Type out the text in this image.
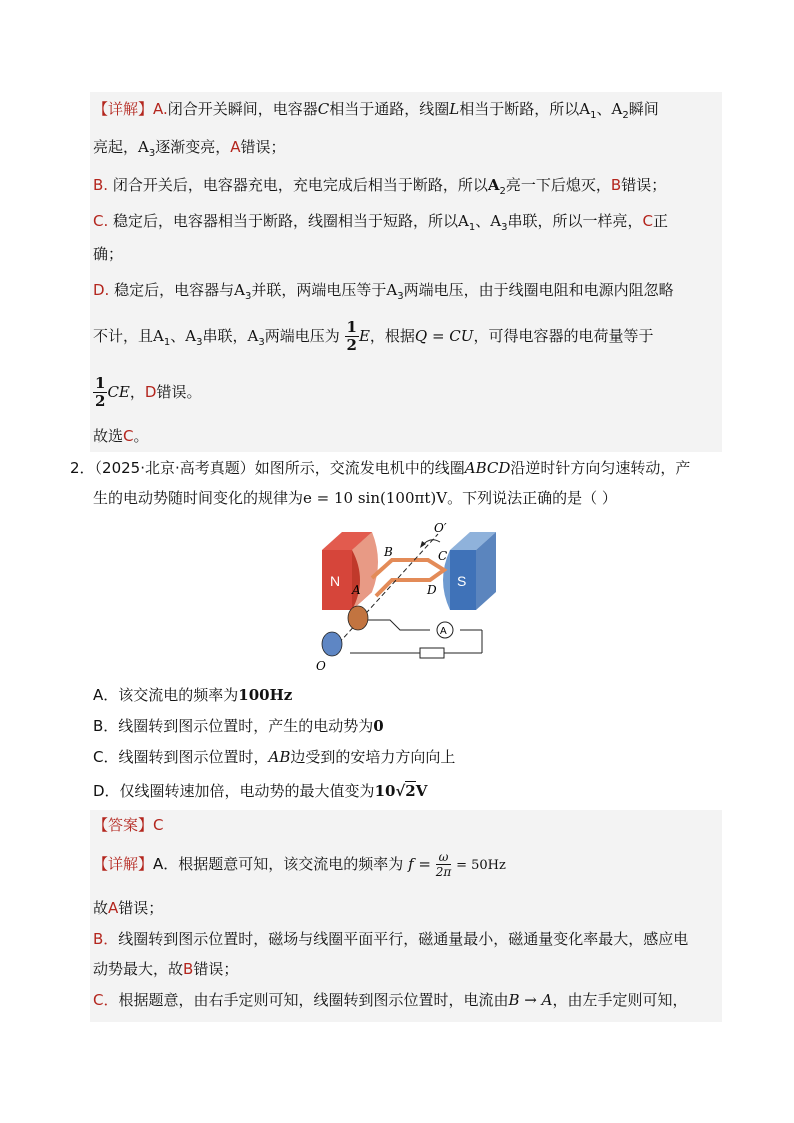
【详解】A.闭合开关瞬间，电容器C相当于通路，线圈L相当于断路，所以$A_1$、$A_2$瞬间
亮起，$A_3$逐渐变亮，A错误；
B. 闭合开关后，电容器充电，充电完成后相当于断路，所以$A_2$亮一下后熄灭，B错误；
C. 稳定后，电容器相当于断路，线圈相当于短路，所以$A_1$、$A_3$串联，所以一样亮，C正
确；
D. 稳定后，电容器与$A_3$并联，两端电压等于$A_3$两端电压，由于线圈电阻和电源内阻忽略
不计，且$A_1$、$A_3$串联，$A_3$两端电压为 $\frac{1}{2}$ E，根据Q = CU，可得电容器的电荷量等于
$\frac{1}{2}$ CE，D错误。
故选C。
2．（2025·北京·高考真题）如图所示，交流发电机中的线圈ABCD沿逆时针方向匀速转动，产
生的电动势随时间变化的规律为e = 10 sin(100πt)V。下列说法正确的是（ ）
N	S
A
O′
B	C
A	D
O
A．该交流电的频率为100Hz
B．线圈转到图示位置时，产生的电动势为0
C．线圈转到图示位置时，AB边受到的安培力方向向上
D．仅线圈转速加倍，电动势的最大值变为10√2V
【答案】C
【详解】A．根据题意可知，该交流电的频率为 $f = \frac{\omega}{2\pi} = 50Hz$
故A错误；
B．线圈转到图示位置时，磁场与线圈平面平行，磁通量最小，磁通量变化率最大，感应电
动势最大，故B错误；
C．根据题意，由右手定则可知，线圈转到图示位置时，电流由B → A，由左手定则可知，
